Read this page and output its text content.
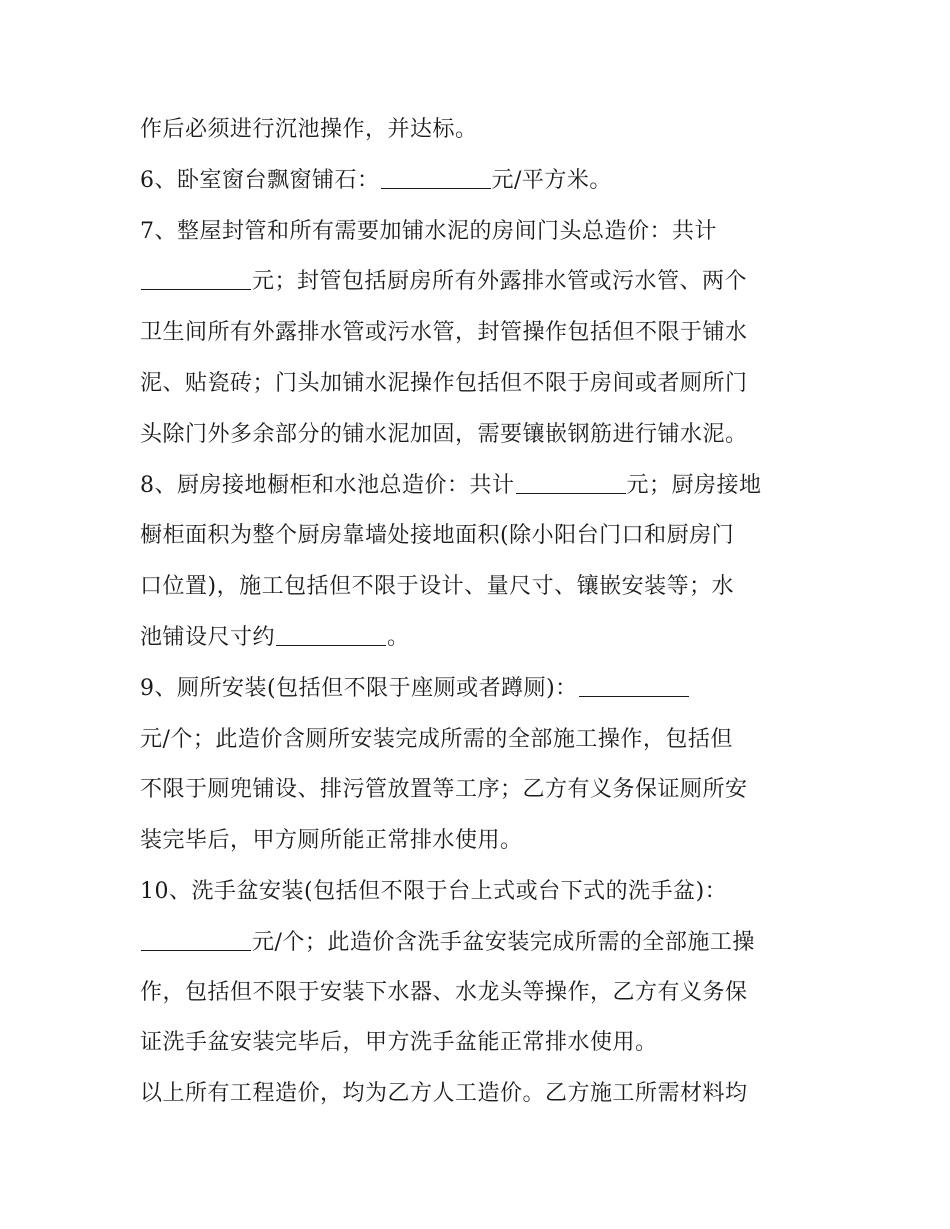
作后必须进行沉池操作，并达标。
6、卧室窗台飘窗铺石：	元/平方米。
7、整屋封管和所有需要加铺水泥的房间门头总造价：共计
元；封管包括厨房所有外露排水管或污水管、两个
卫生间所有外露排水管或污水管，封管操作包括但不限于铺水
泥、贴瓷砖；门头加铺水泥操作包括但不限于房间或者厕所门
头除门外多余部分的铺水泥加固，需要镶嵌钢筋进行铺水泥。
8、厨房接地橱柜和水池总造价：共计	元；厨房接地
橱柜面积为整个厨房靠墙处接地面积(除小阳台门口和厨房门
口位置)，施工包括但不限于设计、量尺寸、镶嵌安装等；水
池铺设尺寸约	。
9、厕所安装(包括但不限于座厕或者蹲厕)：
元/个；此造价含厕所安装完成所需的全部施工操作，包括但
不限于厕兜铺设、排污管放置等工序；乙方有义务保证厕所安
装完毕后，甲方厕所能正常排水使用。
10、洗手盆安装(包括但不限于台上式或台下式的洗手盆)：
元/个；此造价含洗手盆安装完成所需的全部施工操
作，包括但不限于安装下水器、水龙头等操作，乙方有义务保
证洗手盆安装完毕后，甲方洗手盆能正常排水使用。
以上所有工程造价，均为乙方人工造价。乙方施工所需材料均
